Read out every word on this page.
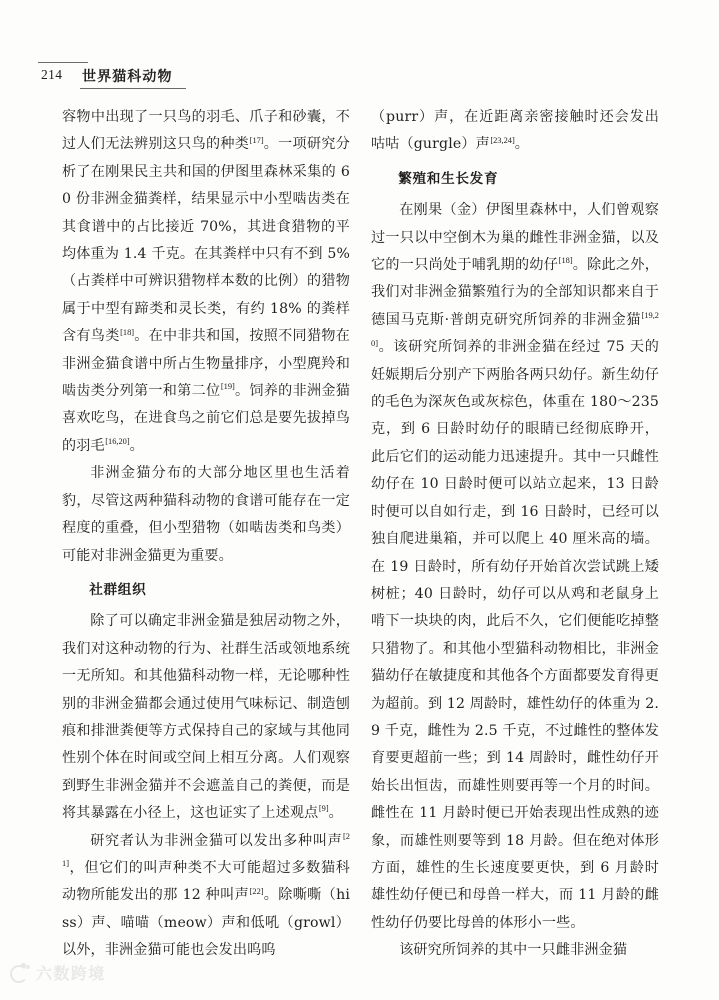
214 世界猫科动物

容物中出现了一只鸟的羽毛、爪子和砂囊，不过人们无法辨别这只鸟的种类[17]。一项研究分析了在刚果民主共和国的伊图里森林采集的 60 份非洲金猫粪样，结果显示中小型啮齿类在其食谱中的占比接近 70%，其进食猎物的平均体重为 1.4 千克。在其粪样中只有不到 5%（占粪样中可辨识猎物样本数的比例）的猎物属于中型有蹄类和灵长类，有约 18% 的粪样含有鸟类[18]。在中非共和国，按照不同猎物在非洲金猫食谱中所占生物量排序，小型麂羚和啮齿类分列第一和第二位[19]。饲养的非洲金猫喜欢吃鸟，在进食鸟之前它们总是要先拔掉鸟的羽毛[16,20]。

非洲金猫分布的大部分地区里也生活着豹，尽管这两种猫科动物的食谱可能存在一定程度的重叠，但小型猎物（如啮齿类和鸟类）可能对非洲金猫更为重要。

社群组织

除了可以确定非洲金猫是独居动物之外，我们对这种动物的行为、社群生活或领地系统一无所知。和其他猫科动物一样，无论哪种性别的非洲金猫都会通过使用气味标记、制造刨痕和排泄粪便等方式保持自己的家域与其他同性别个体在时间或空间上相互分离。人们观察到野生非洲金猫并不会遮盖自己的粪便，而是将其暴露在小径上，这也证实了上述观点[9]。

研究者认为非洲金猫可以发出多种叫声[21]，但它们的叫声种类不大可能超过多数猫科动物所能发出的那 12 种叫声[22]。除嘶嘶（hiss）声、喵喵（meow）声和低吼（growl）以外，非洲金猫可能也会发出呜呜

（purr）声，在近距离亲密接触时还会发出咕咕（gurgle）声[23,24]。

繁殖和生长发育

在刚果（金）伊图里森林中，人们曾观察过一只以中空倒木为巢的雌性非洲金猫，以及它的一只尚处于哺乳期的幼仔[18]。除此之外，我们对非洲金猫繁殖行为的全部知识都来自于德国马克斯·普朗克研究所饲养的非洲金猫[19,20]。该研究所饲养的非洲金猫在经过 75 天的妊娠期后分别产下两胎各两只幼仔。新生幼仔的毛色为深灰色或灰棕色，体重在 180～235 克，到 6 日龄时幼仔的眼睛已经彻底睁开，此后它们的运动能力迅速提升。其中一只雌性幼仔在 10 日龄时便可以站立起来，13 日龄时便可以自如行走，到 16 日龄时，已经可以独自爬进巢箱，并可以爬上 40 厘米高的墙。在 19 日龄时，所有幼仔开始首次尝试跳上矮树桩；40 日龄时，幼仔可以从鸡和老鼠身上啃下一块块的肉，此后不久，它们便能吃掉整只猎物了。和其他小型猫科动物相比，非洲金猫幼仔在敏捷度和其他各个方面都要发育得更为超前。到 12 周龄时，雄性幼仔的体重为 2.9 千克，雌性为 2.5 千克，不过雌性的整体发育要更超前一些；到 14 周龄时，雌性幼仔开始长出恒齿，而雄性则要再等一个月的时间。雌性在 11 月龄时便已开始表现出性成熟的迹象，而雄性则要等到 18 月龄。但在绝对体形方面，雄性的生长速度要更快，到 6 月龄时雄性幼仔便已和母兽一样大，而 11 月龄的雌性幼仔仍要比母兽的体形小一些。

该研究所饲养的其中一只雌非洲金猫

六数跨境
